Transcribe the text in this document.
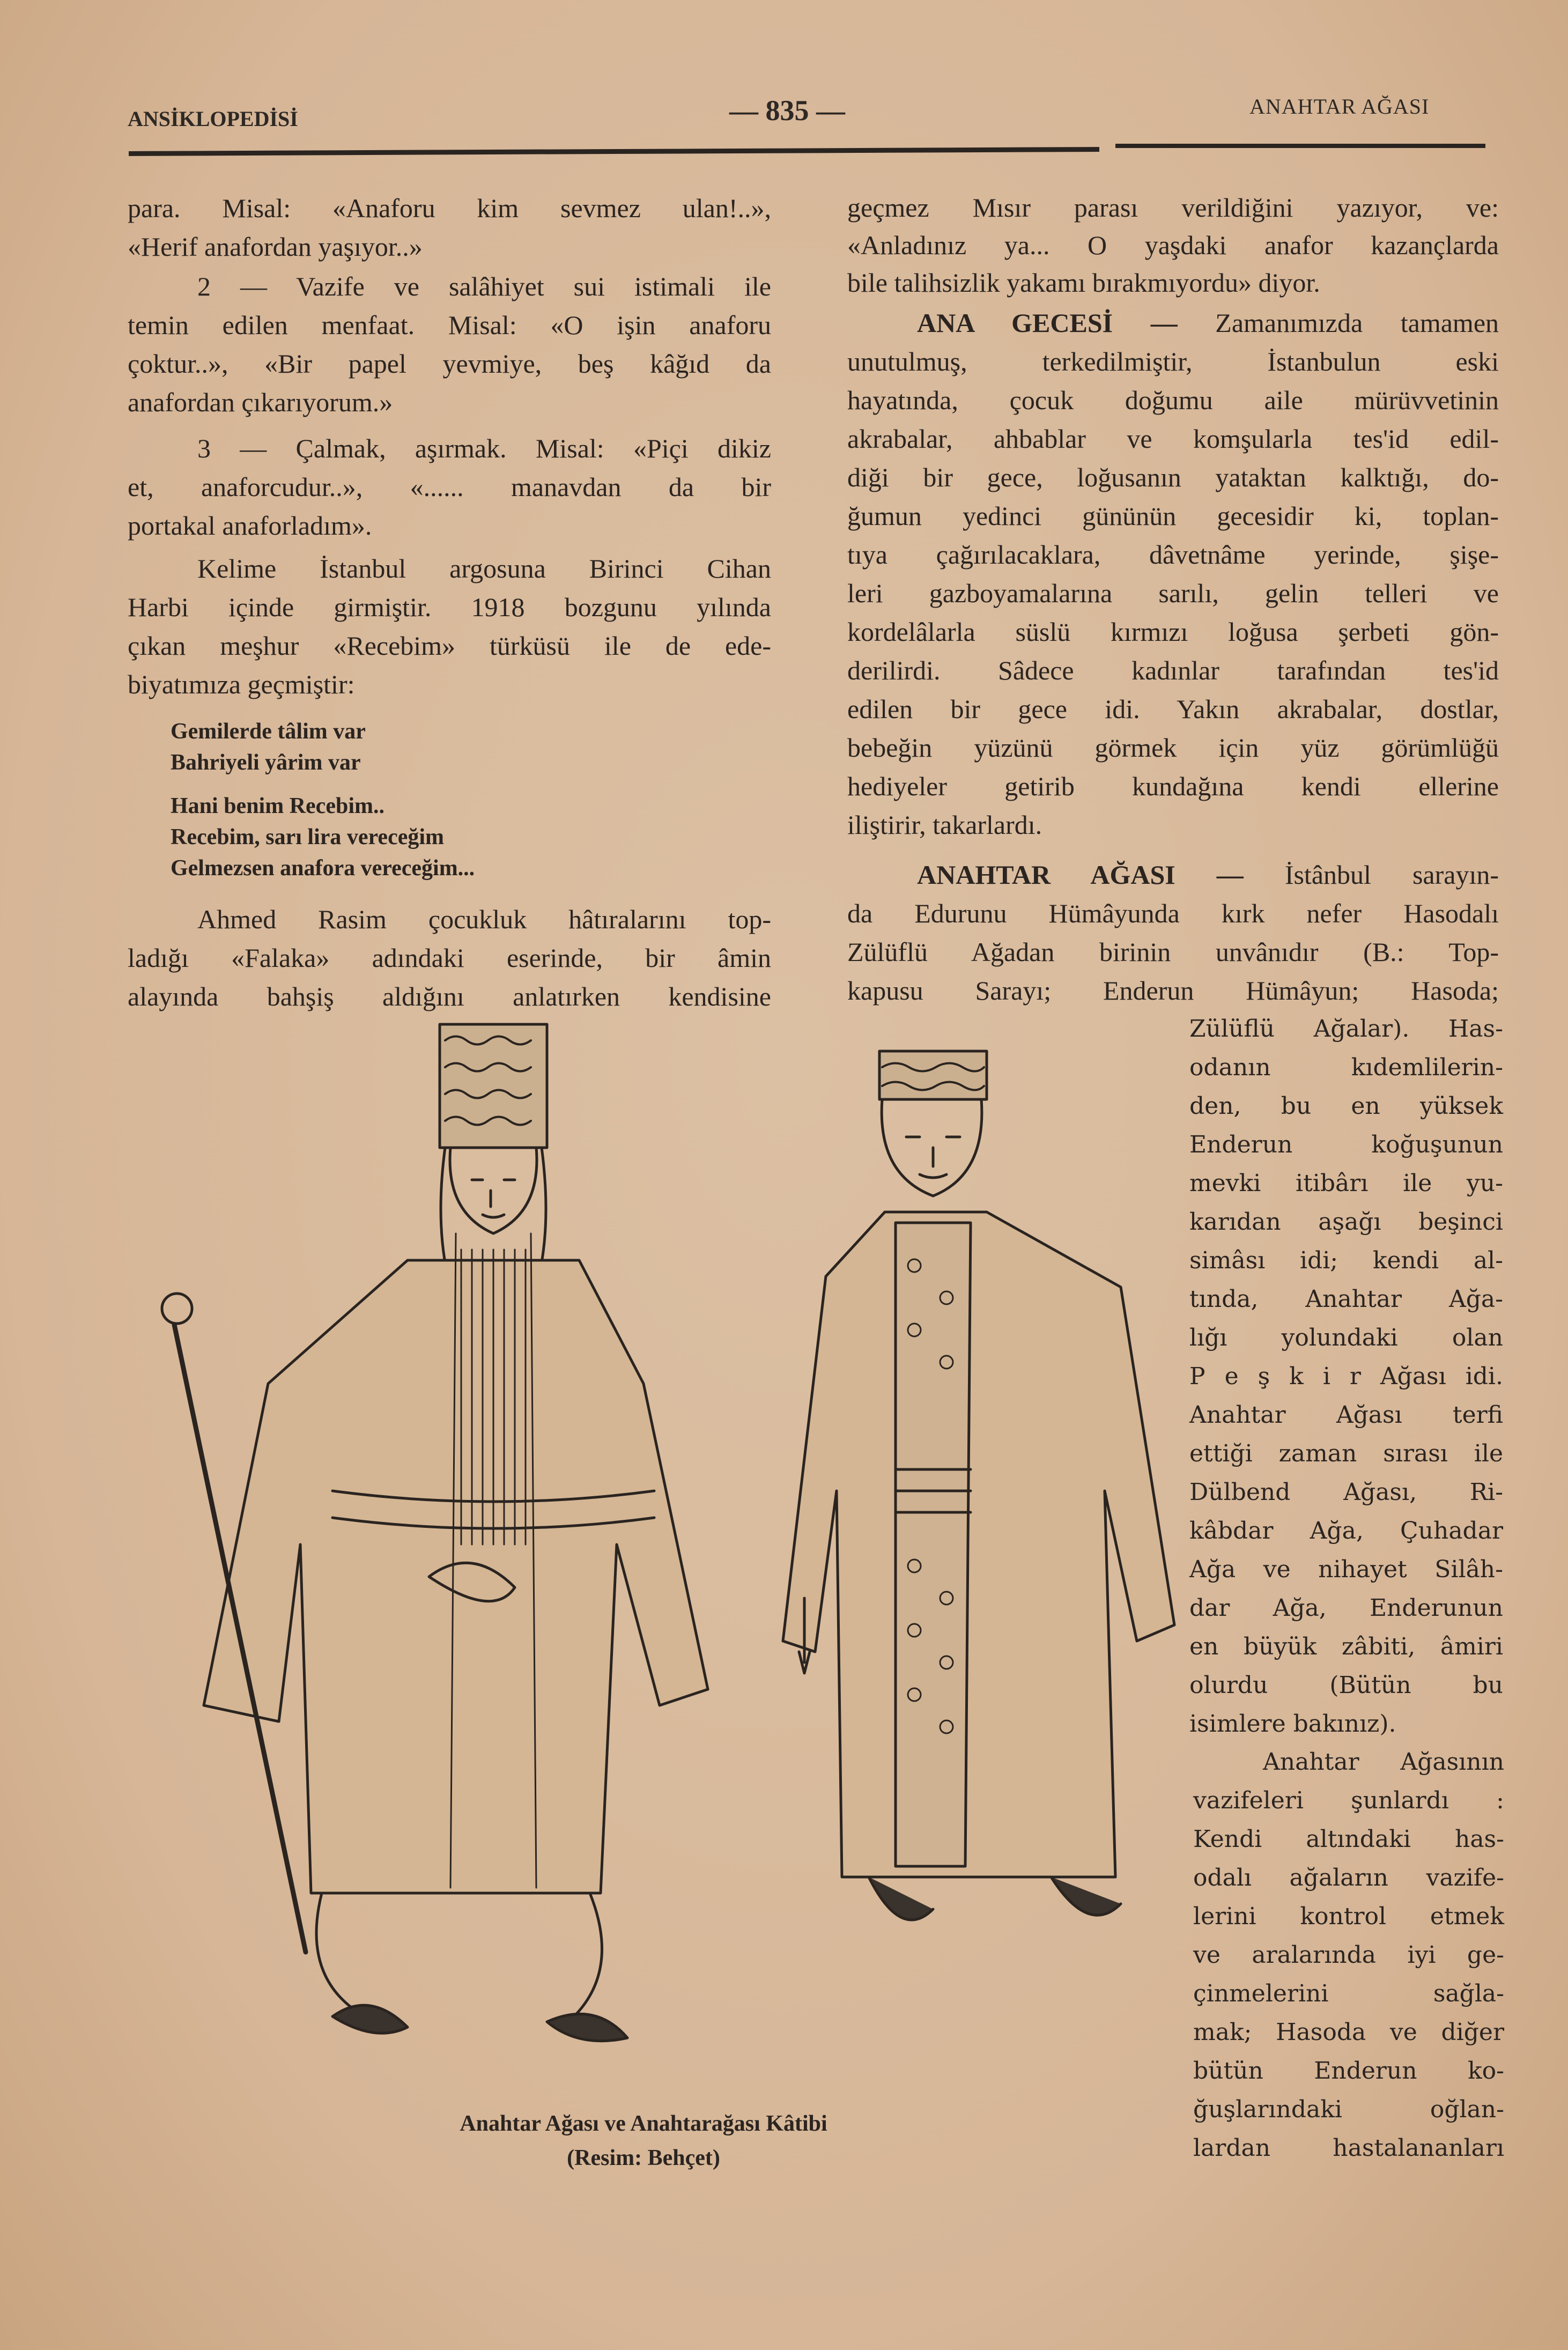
ANSİKLOPEDİSİ	— 835 —	ANAHTAR AĞASI
para. Misal: «Anaforu kim sevmez ulan!..»,
«Herif anafordan yaşıyor..»
2 — Vazife ve salâhiyet sui istimali ile
temin edilen menfaat. Misal: «O işin anaforu
çoktur..», «Bir papel yevmiye, beş kâğıd da
anafordan çıkarıyorum.»
3 — Çalmak, aşırmak. Misal: «Piçi dikiz
et, anaforcudur..», «...... manavdan da bir
portakal anaforladım».
Kelime İstanbul argosuna Birinci Cihan
Harbi içinde girmiştir. 1918 bozgunu yılında
çıkan meşhur «Recebim» türküsü ile de ede-
biyatımıza geçmiştir:
Gemilerde tâlim var
Bahriyeli yârim var
Hani benim Recebim..
Recebim, sarı lira vereceğim
Gelmezsen anafora vereceğim...
Ahmed Rasim çocukluk hâtıralarını top-
ladığı «Falaka» adındaki eserinde, bir âmin
alayında bahşiş aldığını anlatırken kendisine
geçmez Mısır parası verildiğini yazıyor, ve:
«Anladınız ya... O yaşdaki anafor kazançlarda
bile talihsizlik yakamı bırakmıyordu» diyor.
ANA GECESİ — Zamanımızda tamamen
unutulmuş, terkedilmiştir, İstanbulun eski
hayatında, çocuk doğumu aile mürüvvetinin
akrabalar, ahbablar ve komşularla tes'id edil-
diği bir gece, loğusanın yataktan kalktığı, do-
ğumun yedinci gününün gecesidir ki, toplan-
tıya çağırılacaklara, dâvetnâme yerinde, şişe-
leri gazboyamalarına sarılı, gelin telleri ve
kordelâlarla süslü kırmızı loğusa şerbeti gön-
derilirdi. Sâdece kadınlar tarafından tes'id
edilen bir gece idi. Yakın akrabalar, dostlar,
bebeğin yüzünü görmek için yüz görümlüğü
hediyeler getirib kundağına kendi ellerine
iliştirir, takarlardı.
ANAHTAR AĞASI — İstânbul sarayın-
da Edurunu Hümâyunda kırk nefer Hasodalı
Zülüflü Ağadan birinin unvânıdır (B.: Top-
kapusu Sarayı; Enderun Hümâyun; Hasoda;
Zülüflü Ağalar). Has-
odanın kıdemlilerin-
den, bu en yüksek
Enderun koğuşunun
mevki itibârı ile yu-
karıdan aşağı beşinci
simâsı idi; kendi al-
tında, Anahtar Ağa-
lığı yolundaki olan
P e ş k i r Ağası idi.
Anahtar Ağası terfi
ettiği zaman sırası ile
Dülbend Ağası, Ri-
kâbdar Ağa, Çuhadar
Ağa ve nihayet Silâh-
dar Ağa, Enderunun
en büyük zâbiti, âmiri
olurdu (Bütün bu
isimlere bakınız).
Anahtar Ağasının
vazifeleri şunlardı :
Kendi altındaki has-
odalı ağaların vazife-
lerini kontrol etmek
ve aralarında iyi ge-
çinmelerini sağla-
mak; Hasoda ve diğer
bütün Enderun ko-
ğuşlarındaki oğlan-
lardan hastalananları
Anahtar Ağası ve Anahtarağası Kâtibi
(Resim: Behçet)
